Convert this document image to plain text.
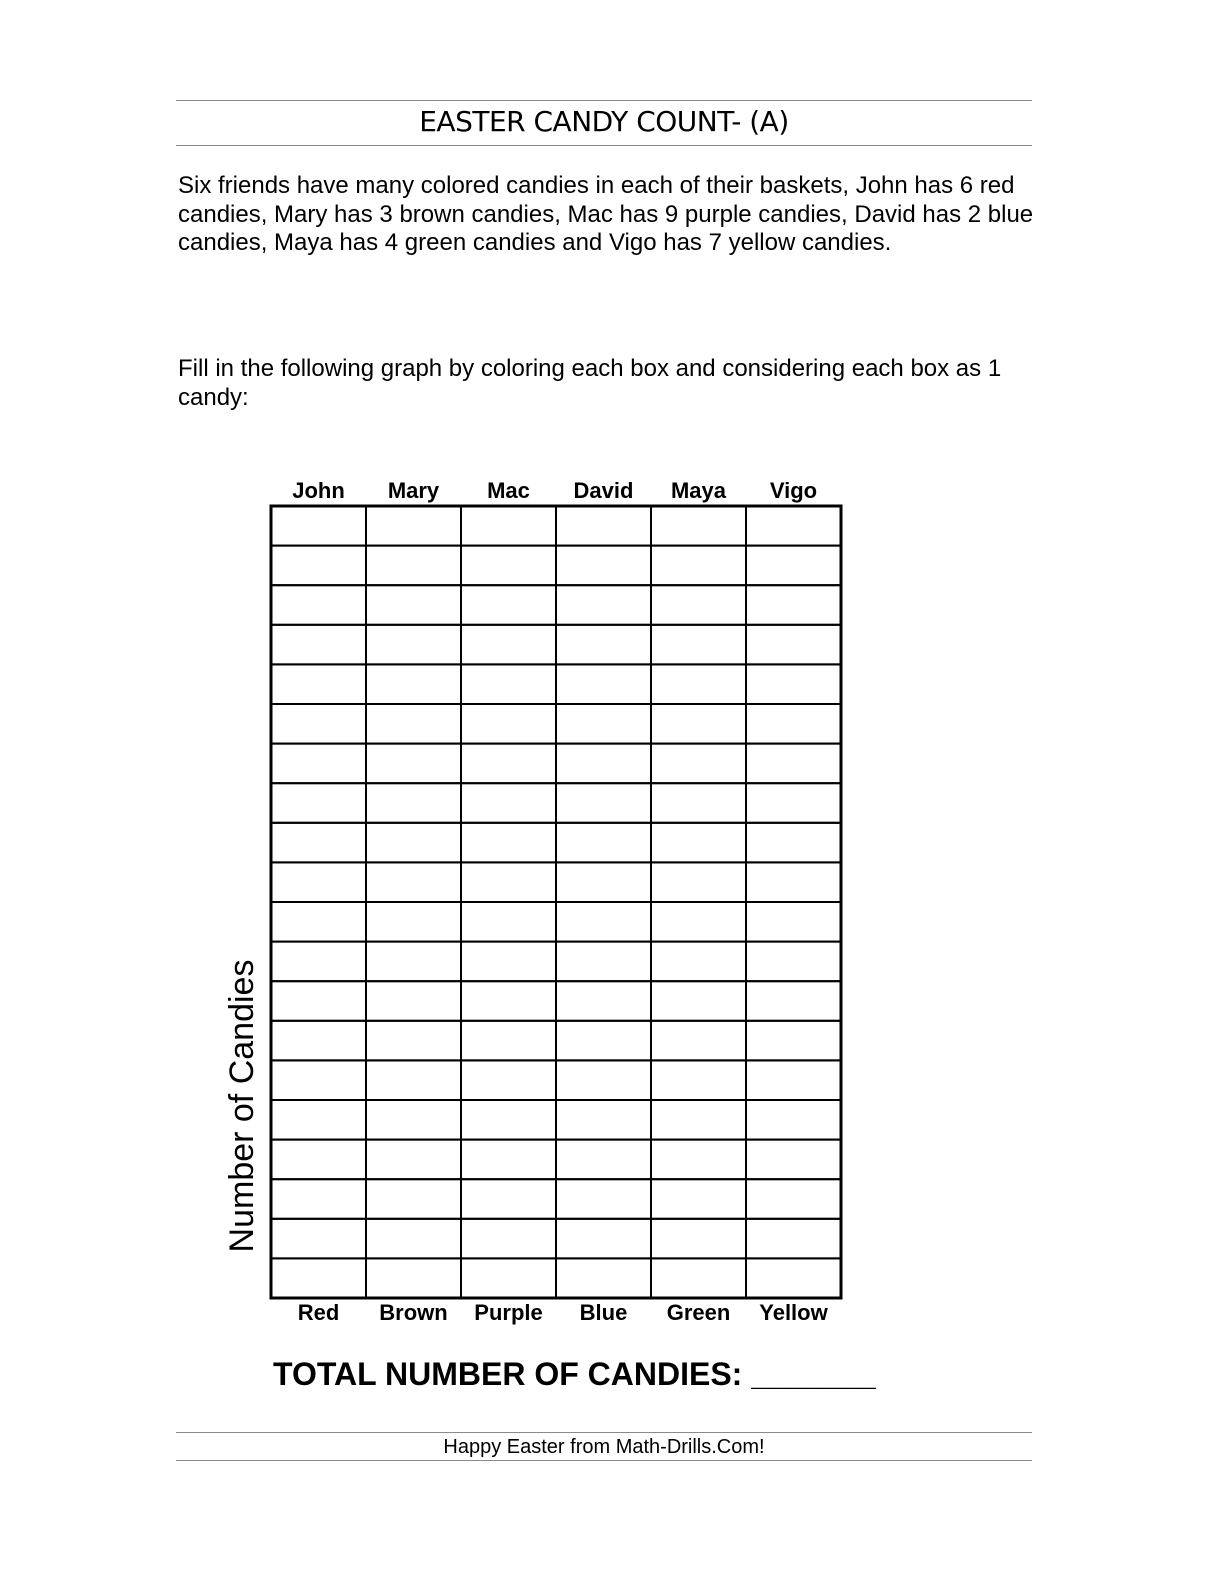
EASTER CANDY COUNT- (A)
Six friends have many colored candies in each of their baskets, John has 6 red candies, Mary has 3 brown candies, Mac has 9 purple candies, David has 2 blue candies, Maya has 4 green candies and Vigo has 7 yellow candies.
Fill in the following graph by coloring each box and considering each box as 1 candy:
John	Mary	Mac	David	Maya	Vigo
Number of Candies
Red	Brown	Purple	Blue	Green	Yellow
TOTAL NUMBER OF CANDIES: _______
Happy Easter from Math-Drills.Com!
